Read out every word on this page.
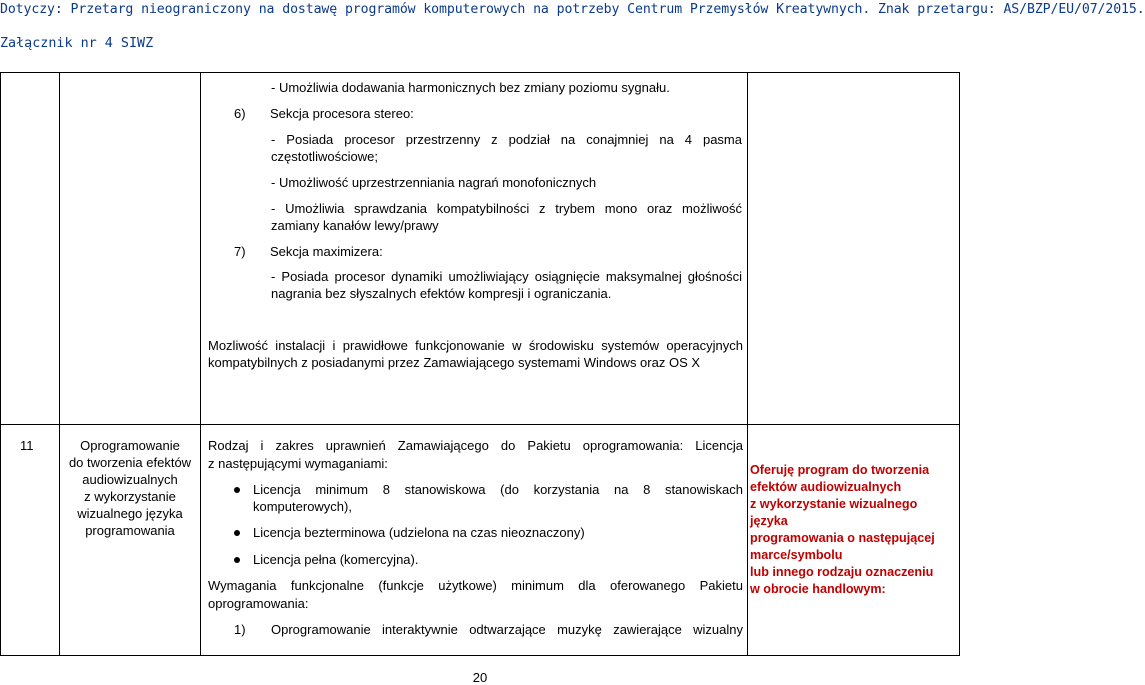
Dotyczy: Przetarg nieograniczony na dostawę programów komputerowych na potrzeby Centrum Przemysłów Kreatywnych. Znak przetargu: AS/BZP/EU/07/2015.
Załącznik nr 4 SIWZ
- Umożliwia dodawania harmonicznych bez zmiany poziomu sygnału.
6) Sekcja procesora stereo:
- Posiada procesor przestrzenny z podział na conajmniej na 4 pasma
częstotliwościowe;
- Umożliwość uprzestrzenniania nagrań monofonicznych
- Umożliwia sprawdzania kompatybilności z trybem mono oraz możliwość
zamiany kanałów lewy/prawy
7) Sekcja maximizera:
- Posiada procesor dynamiki umożliwiający osiągnięcie maksymalnej głośności
nagrania bez słyszalnych efektów kompresji i ograniczania.
Mozliwość instalacji i prawidłowe funkcjonowanie w środowisku systemów operacyjnych
kompatybilnych z posiadanymi przez Zamawiającego systemami Windows oraz OS X
11	Oprogramowanie
do tworzenia efektów
audiowizualnych
z wykorzystanie
wizualnego języka
programowania
Rodzaj i zakres uprawnień Zamawiającego do Pakietu oprogramowania: Licencja
z następującymi wymaganiami:
Licencja minimum 8 stanowiskowa (do korzystania na 8 stanowiskach
komputerowych),
Licencja bezterminowa (udzielona na czas nieoznaczony)
Licencja pełna (komercyjna).
Wymagania funkcjonalne (funkcje użytkowe) minimum dla oferowanego Pakietu
oprogramowania:
1) Oprogramowanie interaktywnie odtwarzające muzykę zawierające wizualny
Oferuję program do tworzenia
efektów audiowizualnych
z wykorzystanie wizualnego języka
programowania o następującej
marce/symbolu
lub innego rodzaju oznaczeniu
w obrocie handlowym:
20
